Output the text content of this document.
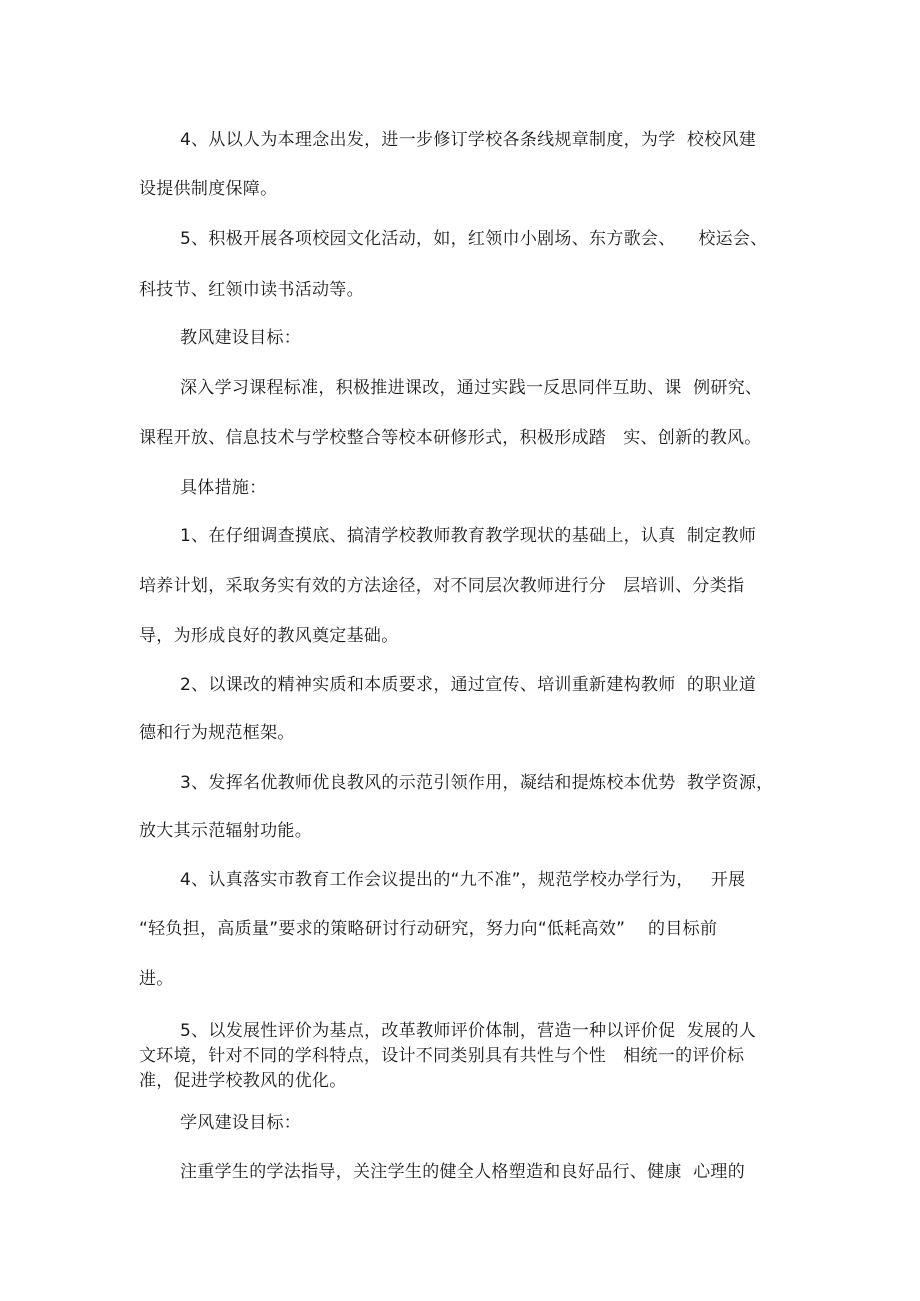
4、从以人为本理念出发，进一步修订学校各条线规章制度，为学  校校风建
设提供制度保障。
5、积极开展各项校园文化活动，如，红领巾小剧场、东方歌会、    校运会、
科技节、红领巾读书活动等。
教风建设目标：
深入学习课程标准，积极推进课改，通过实践一反思同伴互助、课  例研究、
课程开放、信息技术与学校整合等校本研修形式，积极形成踏   实、创新的教风。
具体措施：
1、在仔细调查摸底、搞清学校教师教育教学现状的基础上，认真  制定教师
培养计划，采取务实有效的方法途径，对不同层次教师进行分   层培训、分类指
导，为形成良好的教风奠定基础。
2、以课改的精神实质和本质要求，通过宣传、培训重新建构教师  的职业道
德和行为规范框架。
3、发挥名优教师优良教风的示范引领作用，凝结和提炼校本优势  教学资源，
放大其示范辐射功能。
4、认真落实市教育工作会议提出的“九不准”，规范学校办学行为，   开展
“轻负担，高质量”要求的策略研讨行动研究，努力向“低耗高效”    的目标前
进。
5、以发展性评价为基点，改革教师评价体制，营造一种以评价促  发展的人
文环境，针对不同的学科特点，设计不同类别具有共性与个性   相统一的评价标
准，促进学校教风的优化。
学风建设目标：
注重学生的学法指导，关注学生的健全人格塑造和良好品行、健康  心理的
